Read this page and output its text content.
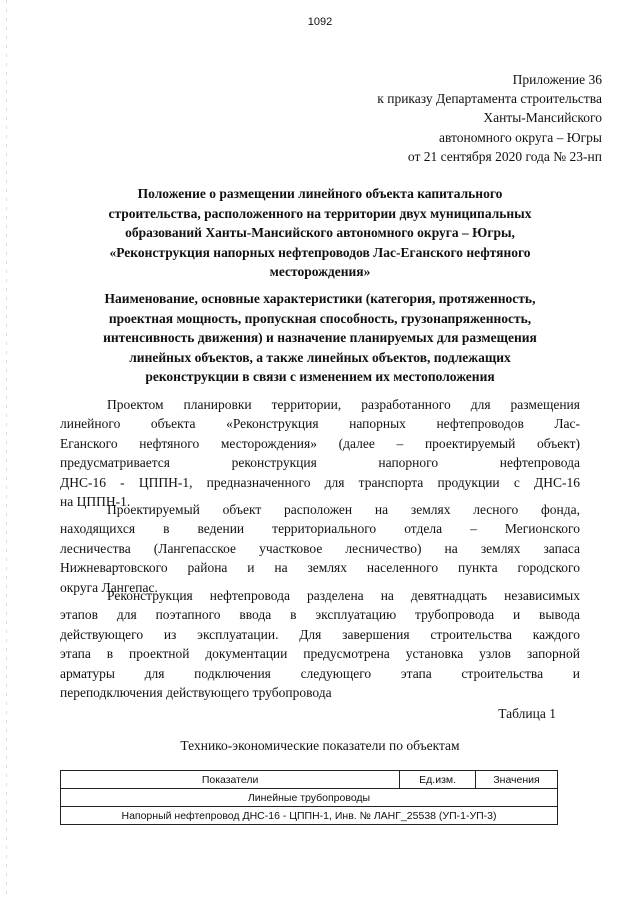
1092
Приложение 36
к приказу Департамента строительства
Ханты-Мансийского
автономного округа – Югры
от 21 сентября 2020 года № 23-нп
Положение о размещении линейного объекта капитального
строительства, расположенного на территории двух муниципальных
образований Ханты-Мансийского автономного округа – Югры,
«Реконструкция напорных нефтепроводов Лас-Еганского нефтяного
месторождения»
Наименование, основные характеристики (категория, протяженность,
проектная мощность, пропускная способность, грузонапряженность,
интенсивность движения) и назначение планируемых для размещения
линейных объектов, а также линейных объектов, подлежащих
реконструкции в связи с изменением их местоположения
Проектом планировки территории, разработанного для размещения
линейного объекта «Реконструкция напорных нефтепроводов Лас-
Еганского нефтяного месторождения» (далее – проектируемый объект)
предусматривается реконструкция напорного нефтепровода
ДНС-16 - ЦППН-1, предназначенного для транспорта продукции с ДНС-16
на ЦППН-1.
Проектируемый объект расположен на землях лесного фонда,
находящихся в ведении территориального отдела – Мегионского
лесничества (Лангепасское участковое лесничество) на землях запаса
Нижневартовского района и на землях населенного пункта городского
округа Лангепас.
Реконструкция нефтепровода разделена на девятнадцать независимых
этапов для поэтапного ввода в эксплуатацию трубопровода и вывода
действующего из эксплуатации. Для завершения строительства каждого
этапа в проектной документации предусмотрена установка узлов запорной
арматуры для подключения следующего этапа строительства и
переподключения действующего трубопровода
Таблица 1
Технико-экономические показатели по объектам
Показатели	Ед.изм.	Значения
Линейные трубопроводы
Напорный нефтепровод ДНС-16 - ЦППН-1, Инв. № ЛАНГ_25538 (УП-1-УП-3)
